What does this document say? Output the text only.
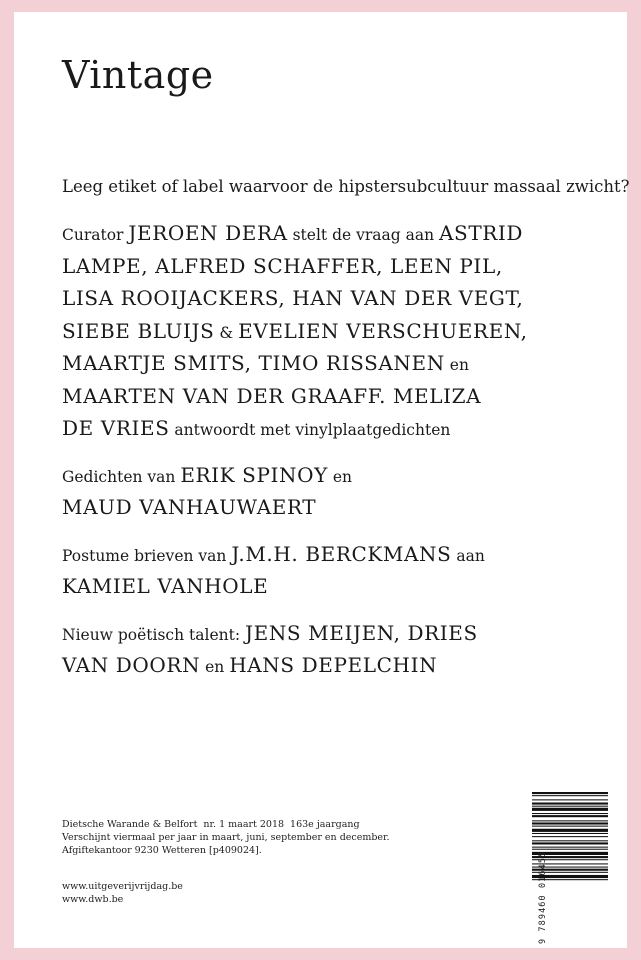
Vintage

Leeg etiket of label waarvoor de hipstersubcultuur massaal zwicht?

Curator JEROEN DERA stelt de vraag aan ASTRID
LAMPE, ALFRED SCHAFFER, LEEN PIL,
LISA ROOIJACKERS, HAN VAN DER VEGT,
SIEBE BLUIJS & EVELIEN VERSCHUEREN,
MAARTJE SMITS, TIMO RISSANEN en
MAARTEN VAN DER GRAAFF. MELIZA
DE VRIES antwoordt met vinylplaatgedichten

Gedichten van ERIK SPINOY en
MAUD VANHAUWAERT

Postume brieven van J.M.H. BERCKMANS aan
KAMIEL VANHOLE

Nieuw poëtisch talent: JENS MEIJEN, DRIES
VAN DOORN en HANS DEPELCHIN

Dietsche Warande & Belfort nr. 1 maart 2018 163e jaargang
Verschijnt viermaal per jaar in maart, juni, september en december.
Afgiftekantoor 9230 Wetteren [p409024].
www.uitgeverijvrijdag.be
www.dwb.be	9 789460 016455
